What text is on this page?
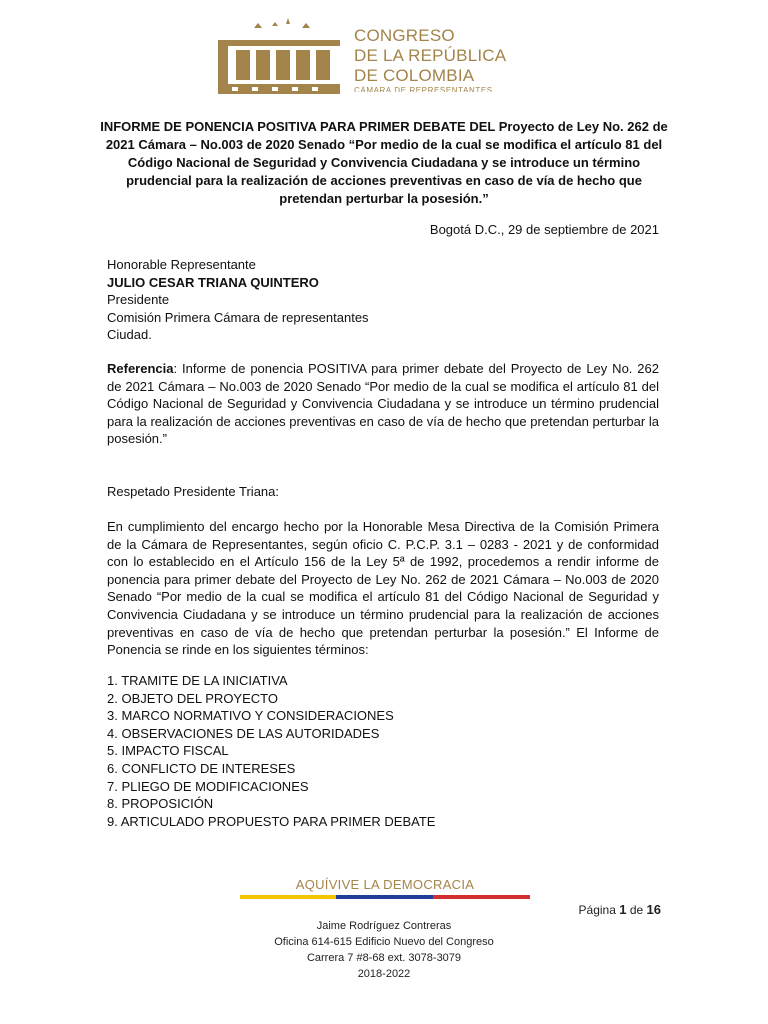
CONGRESO
DE LA REPÚBLICA
DE COLOMBIA
CÁMARA DE REPRESENTANTES
INFORME DE PONENCIA POSITIVA PARA PRIMER DEBATE DEL Proyecto de Ley No. 262 de 2021 Cámara – No.003 de 2020 Senado “Por medio de la cual se modifica el artículo 81 del Código Nacional de Seguridad y Convivencia Ciudadana y se introduce un término prudencial para la realización de acciones preventivas en caso de vía de hecho que pretendan perturbar la posesión.”
Bogotá D.C., 29 de septiembre de 2021
Honorable Representante
JULIO CESAR TRIANA QUINTERO
Presidente
Comisión Primera Cámara de representantes
Ciudad.
Referencia: Informe de ponencia POSITIVA para primer debate del Proyecto de Ley No. 262 de 2021 Cámara – No.003 de 2020 Senado “Por medio de la cual se modifica el artículo 81 del Código Nacional de Seguridad y Convivencia Ciudadana y se introduce un término prudencial para la realización de acciones preventivas en caso de vía de hecho que pretendan perturbar la posesión.”
Respetado Presidente Triana:
En cumplimiento del encargo hecho por la Honorable Mesa Directiva de la Comisión Primera de la Cámara de Representantes, según oficio C. P.C.P. 3.1 – 0283 - 2021 y de conformidad con lo establecido en el Artículo 156 de la Ley 5ª de 1992, procedemos a rendir informe de ponencia para primer debate del Proyecto de Ley No. 262 de 2021 Cámara – No.003 de 2020 Senado “Por medio de la cual se modifica el artículo 81 del Código Nacional de Seguridad y Convivencia Ciudadana y se introduce un término prudencial para la realización de acciones preventivas en caso de vía de hecho que pretendan perturbar la posesión.” El Informe de Ponencia se rinde en los siguientes términos:
1. TRAMITE DE LA INICIATIVA
2. OBJETO DEL PROYECTO
3. MARCO NORMATIVO Y CONSIDERACIONES
4. OBSERVACIONES DE LAS AUTORIDADES
5. IMPACTO FISCAL
6. CONFLICTO DE INTERESES
7. PLIEGO DE MODIFICACIONES
8. PROPOSICIÓN
9. ARTICULADO PROPUESTO PARA PRIMER DEBATE
AQUÍVIVE LA DEMOCRACIA
Página 1 de 16
Jaime Rodríguez Contreras
Oficina 614-615 Edificio Nuevo del Congreso
Carrera 7 #8-68 ext. 3078-3079
2018-2022
